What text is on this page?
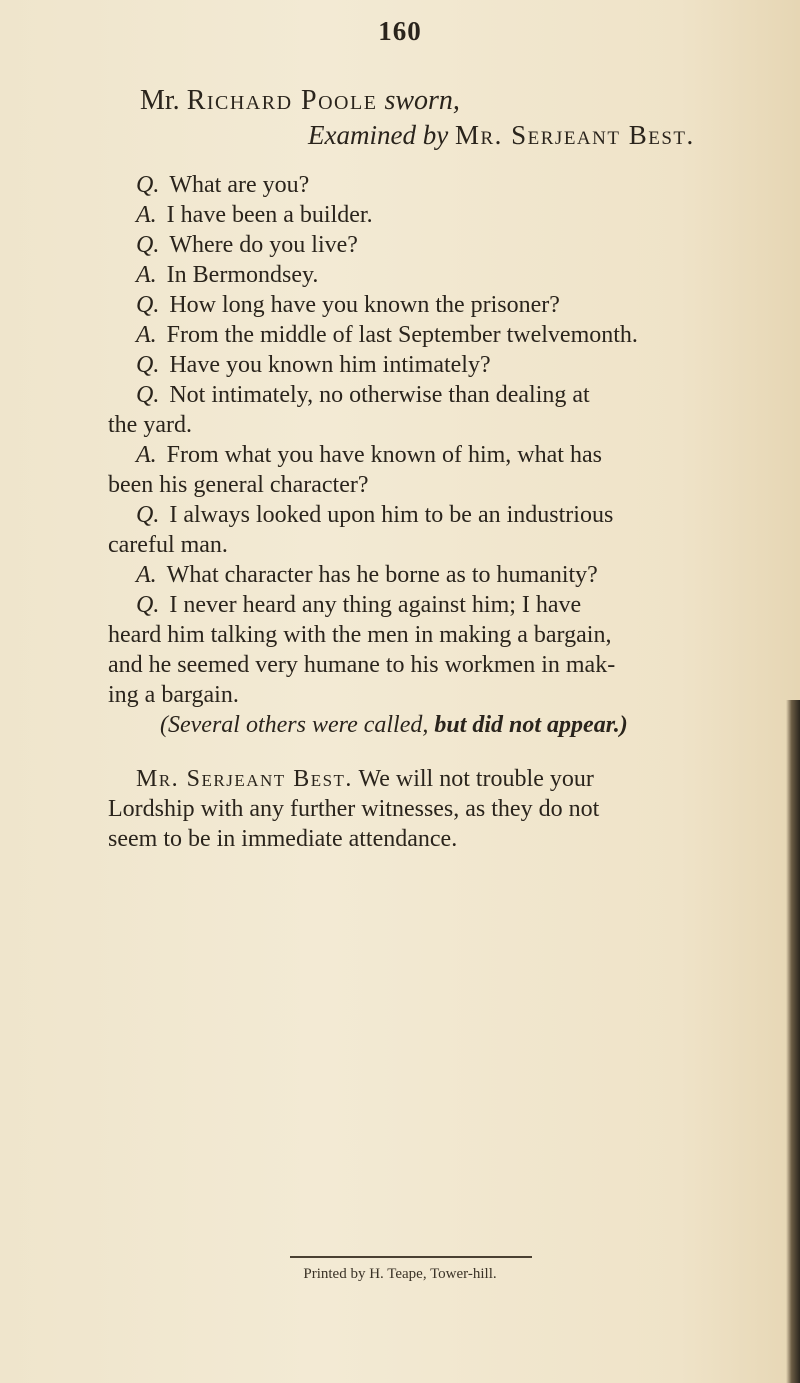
160
Mr. Richard Poole sworn,
Examined by Mr. Serjeant Best.
Q. What are you?
A. I have been a builder.
Q. Where do you live?
A. In Bermondsey.
Q. How long have you known the prisoner?
A. From the middle of last September twelvemonth.
Q. Have you known him intimately?
Q. Not intimately, no otherwise than dealing at
the yard.
A. From what you have known of him, what has
been his general character?
Q. I always looked upon him to be an industrious
careful man.
A. What character has he borne as to humanity?
Q. I never heard any thing against him; I have
heard him talking with the men in making a bargain,
and he seemed very humane to his workmen in mak-
ing a bargain.
(Several others were called, but did not appear.)
Mr. Serjeant Best. We will not trouble your
Lordship with any further witnesses, as they do not
seem to be in immediate attendance.
Printed by H. Teape, Tower-hill.
